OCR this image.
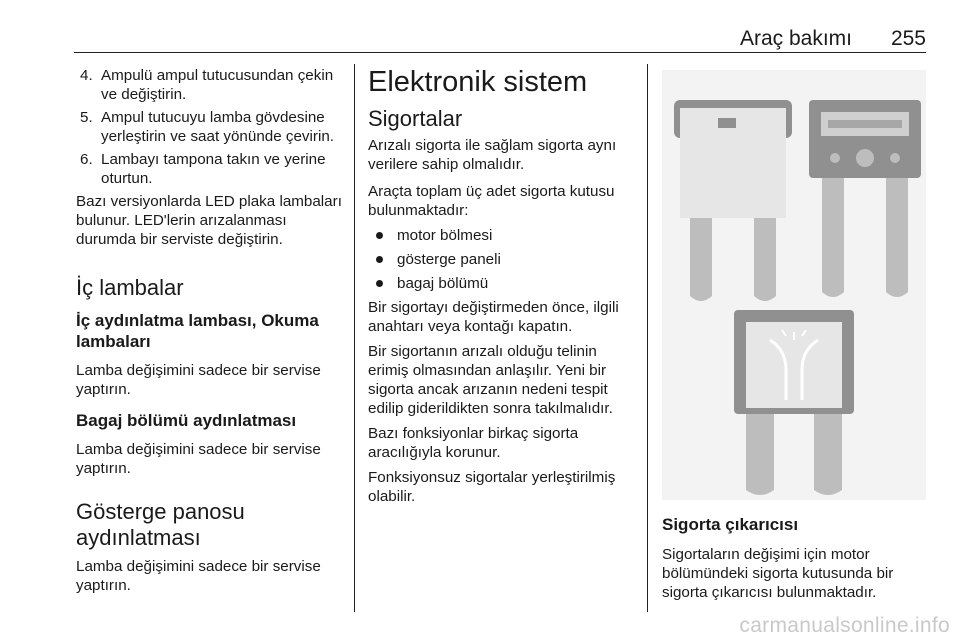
Araç bakımı 255
4. Ampulü ampul tutucusundan çekin ve değiştirin.
5. Ampul tutucuyu lamba gövdesine yerleştirin ve saat yönünde çevirin.
6. Lambayı tampona takın ve yerine oturtun.

Bazı versiyonlarda LED plaka lambaları bulunur. LED'lerin arızalanması durumda bir serviste değiştirin.

İç lambalar
İç aydınlatma lambası, Okuma lambaları

Lamba değişimini sadece bir servise yaptırın.

Bagaj bölümü aydınlatması

Lamba değişimini sadece bir servise yaptırın.

Gösterge panosu aydınlatması

Lamba değişimini sadece bir servise yaptırın.

Elektronik sistem
Sigortalar

Arızalı sigorta ile sağlam sigorta aynı verilere sahip olmalıdır.

Araçta toplam üç adet sigorta kutusu bulunmaktadır:

motor bölmesi
gösterge paneli
bagaj bölümü

Bir sigortayı değiştirmeden önce, ilgili anahtarı veya kontağı kapatın.

Bir sigortanın arızalı olduğu telinin erimiş olmasından anlaşılır. Yeni bir sigorta ancak arızanın nedeni tespit edilip giderildikten sonra takılmalıdır.

Bazı fonksiyonlar birkaç sigorta aracılığıyla korunur.

Fonksiyonsuz sigortalar yerleştirilmiş olabilir.

Sigorta çıkarıcısı

Sigortaların değişimi için motor bölümündeki sigorta kutusunda bir sigorta çıkarıcısı bulunmaktadır.

carmanualsonline.info
